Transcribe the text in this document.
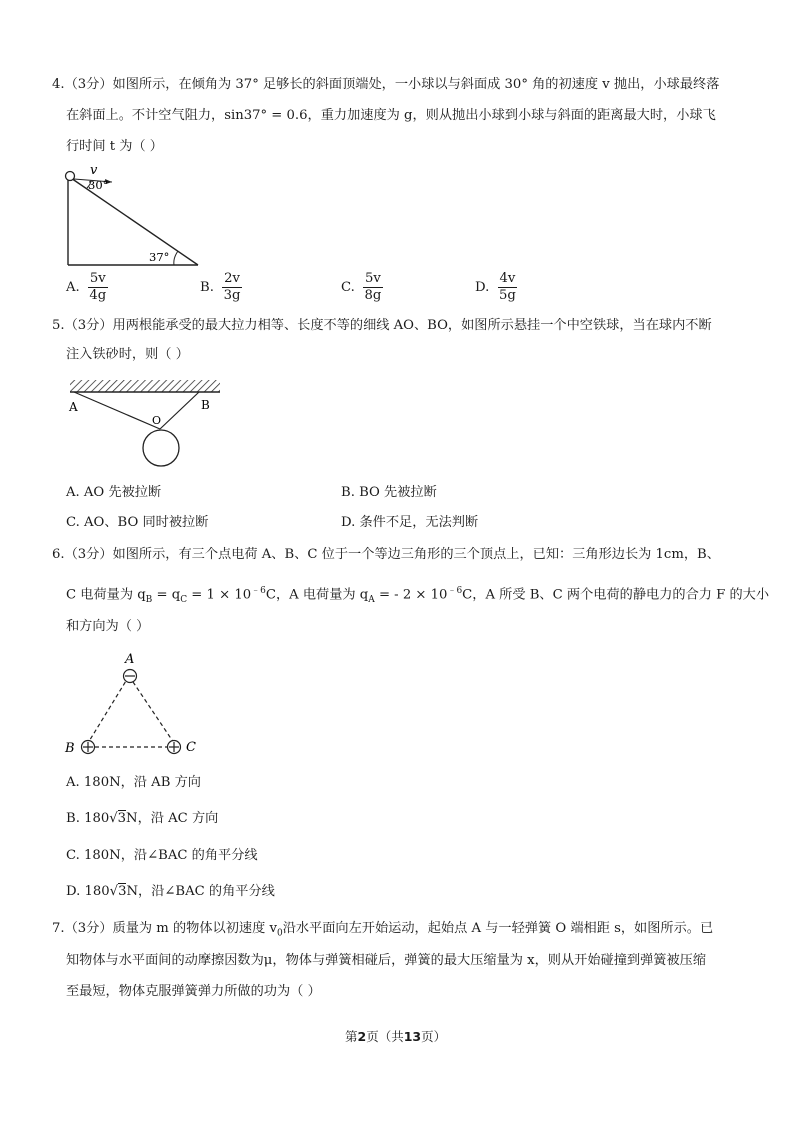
4.（3分）如图所示，在倾角为 37° 足够长的斜面顶端处，一小球以与斜面成 30° 角的初速度 v 抛出，小球最终落
在斜面上。不计空气阻力，sin37° = 0.6，重力加速度为 g，则从抛出小球到小球与斜面的距离最大时，小球飞
行时间 t 为（ ）
v
30°
37°
A. $\frac{5v}{4g}$	B. $\frac{2v}{3g}$	C. $\frac{5v}{8g}$	D. $\frac{4v}{5g}$
5.（3分）用两根能承受的最大拉力相等、长度不等的细线 AO、BO，如图所示悬挂一个中空铁球，当在球内不断
注入铁砂时，则（ ）
A	B
O
A. AO 先被拉断	B. BO 先被拉断
C. AO、BO 同时被拉断	D. 条件不足，无法判断
6.（3分）如图所示，有三个点电荷 A、B、C 位于一个等边三角形的三个顶点上，已知：三角形边长为 1cm，B、
C 电荷量为 $q_B = q_C = 1 \times 10^{﹣6}C$，A 电荷量为 $q_A$ = - $2 \times 10^{﹣6}C$，A 所受 B、C 两个电荷的静电力的合力 F 的大小
和方向为（ ）
A
B	C
A. 180N，沿 AB 方向
B. 180√3N，沿 AC 方向
C. 180N，沿∠BAC 的角平分线
D. 180√3N，沿∠BAC 的角平分线
7.（3分）质量为 m 的物体以初速度 $v_0$沿水平面向左开始运动，起始点 A 与一轻弹簧 O 端相距 s，如图所示。已
知物体与水平面间的动摩擦因数为μ，物体与弹簧相碰后，弹簧的最大压缩量为 x，则从开始碰撞到弹簧被压缩
至最短，物体克服弹簧弹力所做的功为（ ）
第2页（共13页）
